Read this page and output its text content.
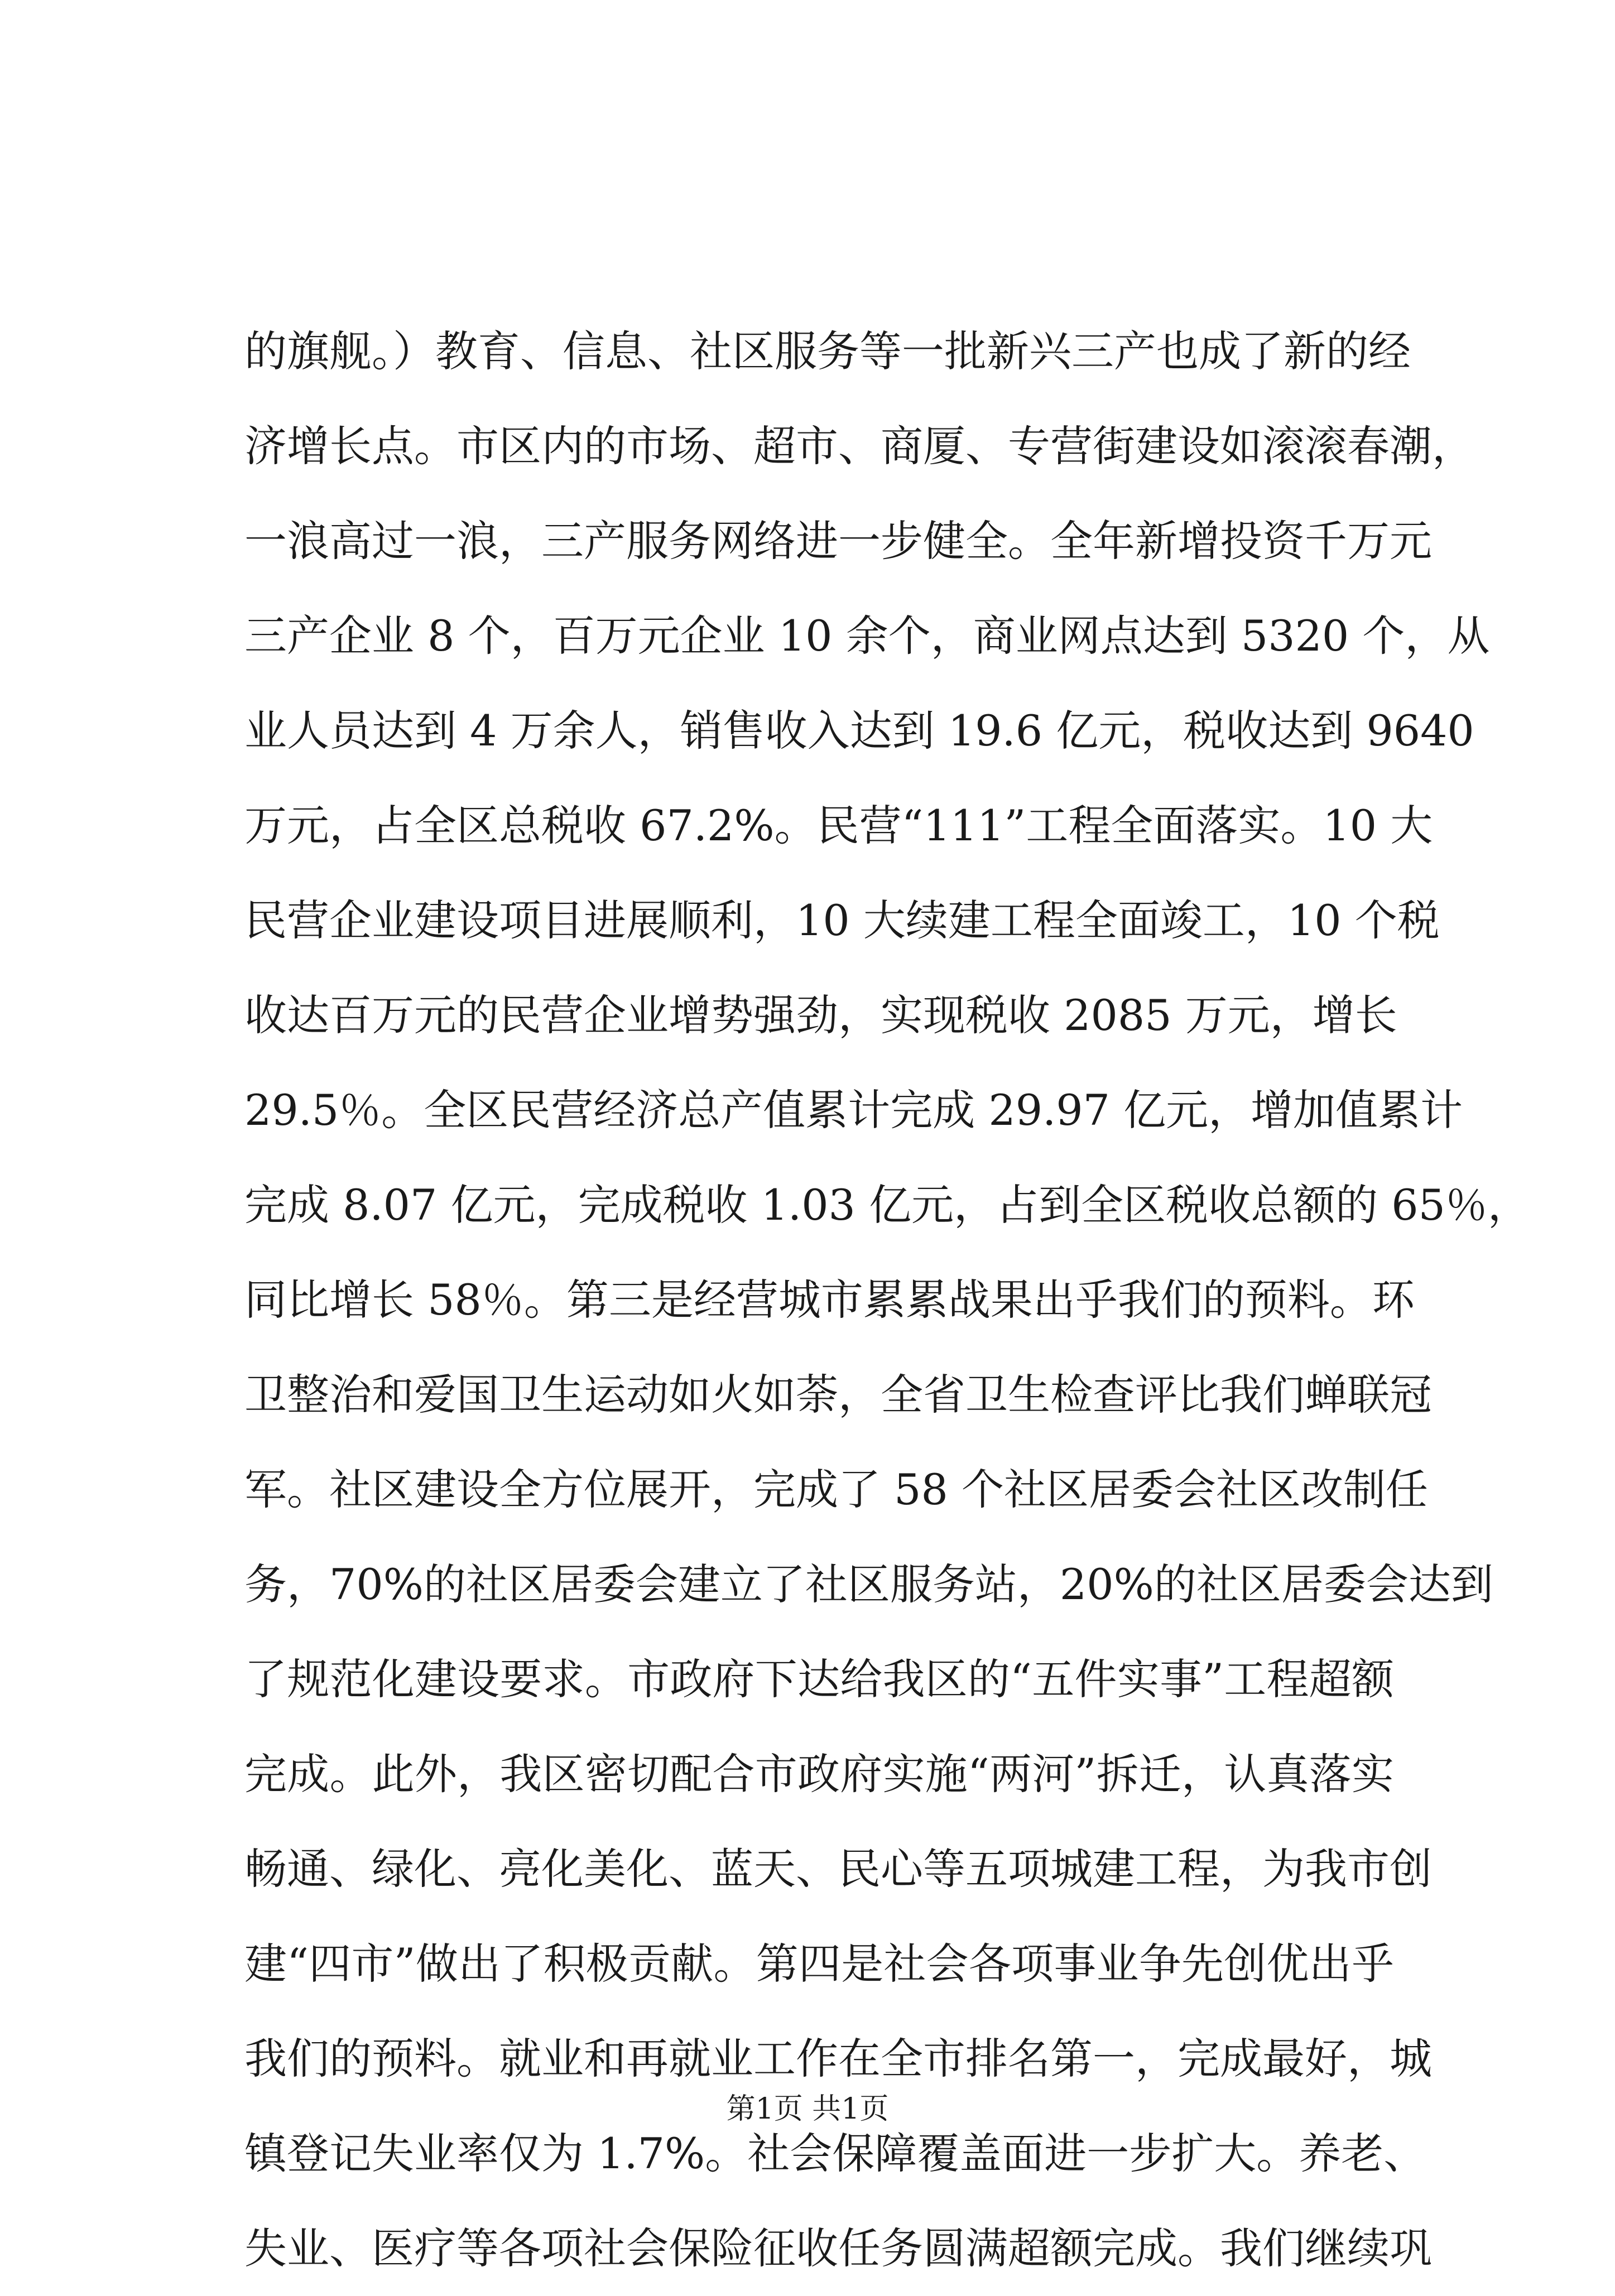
的旗舰。）教育、信息、社区服务等一批新兴三产也成了新的经
济增长点。市区内的市场、超市、商厦、专营街建设如滚滚春潮，
一浪高过一浪，三产服务网络进一步健全。全年新增投资千万元
三产企业 8 个，百万元企业 10 余个，商业网点达到 5320 个，从
业人员达到 4 万余人，销售收入达到 19.6 亿元，税收达到 9640
万元，占全区总税收 67.2%。民营“111”工程全面落实。10 大
民营企业建设项目进展顺利，10 大续建工程全面竣工，10 个税
收达百万元的民营企业增势强劲，实现税收 2085 万元，增长
29.5％。全区民营经济总产值累计完成 29.97 亿元，增加值累计
完成 8.07 亿元，完成税收 1.03 亿元，占到全区税收总额的 65％，
同比增长 58％。第三是经营城市累累战果出乎我们的预料。环
卫整治和爱国卫生运动如火如荼，全省卫生检查评比我们蝉联冠
军。社区建设全方位展开，完成了 58 个社区居委会社区改制任
务，70%的社区居委会建立了社区服务站，20%的社区居委会达到
了规范化建设要求。市政府下达给我区的“五件实事”工程超额
完成。此外，我区密切配合市政府实施“两河”拆迁，认真落实
畅通、绿化、亮化美化、蓝天、民心等五项城建工程，为我市创
建“四市”做出了积极贡献。第四是社会各项事业争先创优出乎
我们的预料。就业和再就业工作在全市排名第一，完成最好，城
镇登记失业率仅为 1.7%。社会保障覆盖面进一步扩大。养老、
失业、医疗等各项社会保险征收任务圆满超额完成。我们继续巩
第1页 共1页
